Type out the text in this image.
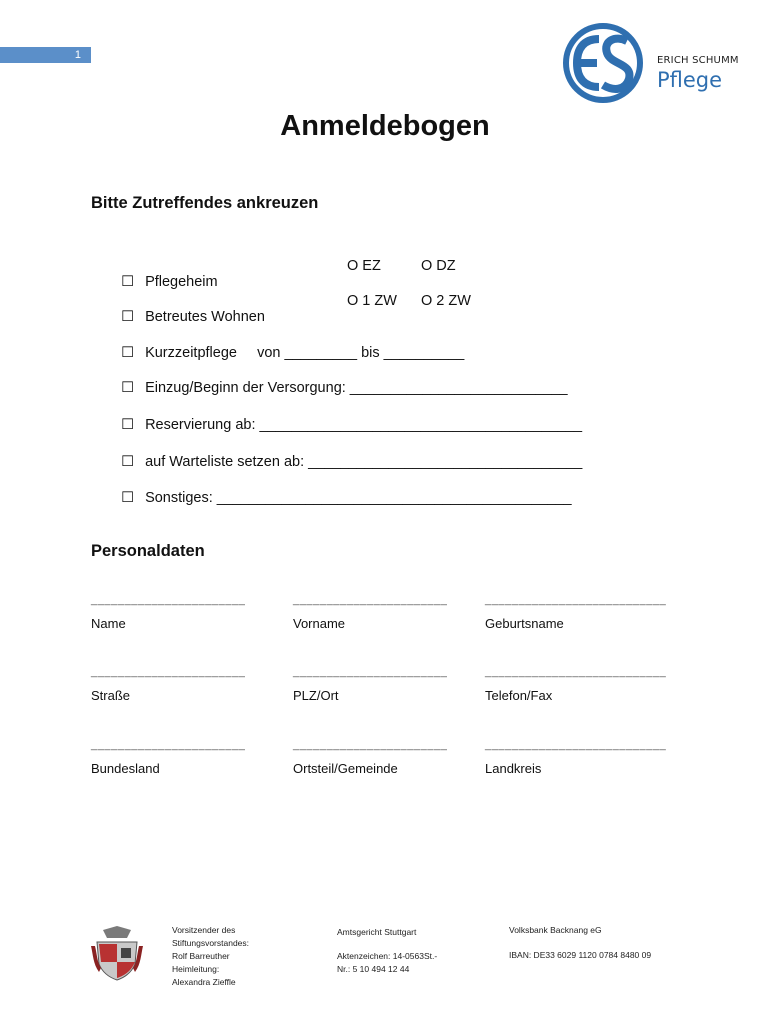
1	ERICH SCHUMM
Pflege
Anmeldebogen
Bitte Zutreffendes ankreuzen

☐ Pflegeheim

O EZ	O DZ

☐ Betreutes Wohnen

O 1 ZW O 2 ZW

☐ Kurzzeitpflege     von _________ bis __________

☐ Einzug/Beginn der Versorgung: ___________________________

☐ Reservierung ab: ________________________________________

☐ auf Warteliste setzen ab: __________________________________

☐ Sonstiges: ____________________________________________

Personaldaten
_______________________
Name
_______________________
Vorname
___________________________
Geburtsname
_______________________
Straße
_______________________
PLZ/Ort
___________________________
Telefon/Fax
_______________________
Bundesland
_______________________
Ortsteil/Gemeinde
___________________________
Landkreis
Vorsitzender des
Stiftungsvorstandes:
Rolf Barreuther
Heimleitung:
Alexandra Zieffle
Amtsgericht Stuttgart
Aktenzeichen: 14-0563St.-
Nr.: 5 10 494 12 44
Volksbank Backnang eG
IBAN: DE33 6029 1120 0784 8480 09
